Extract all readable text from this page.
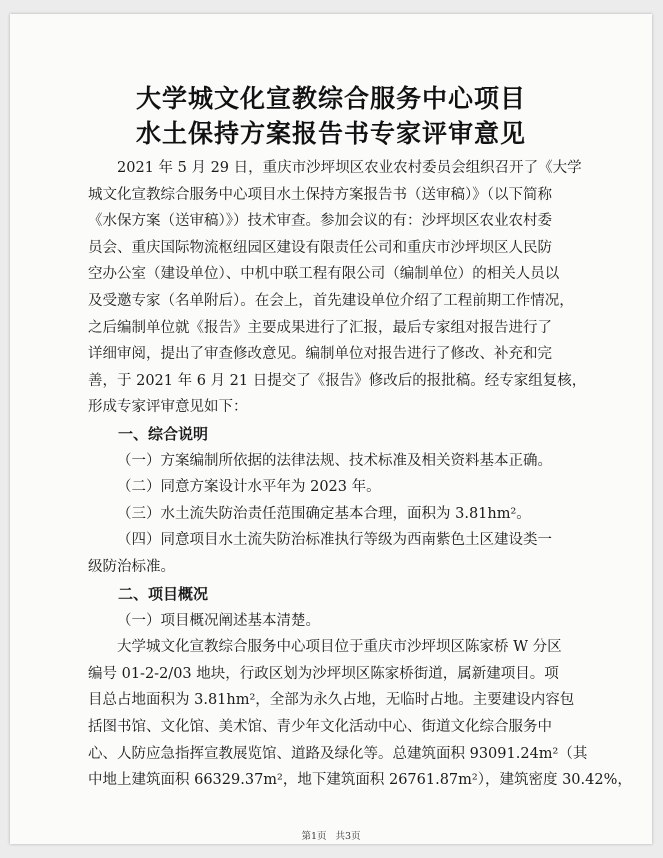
大学城文化宣教综合服务中心项目
水土保持方案报告书专家评审意见
2021 年 5 月 29 日，重庆市沙坪坝区农业农村委员会组织召开了《大学
城文化宣教综合服务中心项目水土保持方案报告书（送审稿）》（以下简称
《水保方案（送审稿）》）技术审查。参加会议的有：沙坪坝区农业农村委
员会、重庆国际物流枢纽园区建设有限责任公司和重庆市沙坪坝区人民防
空办公室（建设单位）、中机中联工程有限公司（编制单位）的相关人员以
及受邀专家（名单附后）。在会上，首先建设单位介绍了工程前期工作情况，
之后编制单位就《报告》主要成果进行了汇报，最后专家组对报告进行了
详细审阅，提出了审查修改意见。编制单位对报告进行了修改、补充和完
善，于 2021 年 6 月 21 日提交了《报告》修改后的报批稿。经专家组复核，
形成专家评审意见如下：
一、综合说明
（一）方案编制所依据的法律法规、技术标准及相关资料基本正确。
（二）同意方案设计水平年为 2023 年。
（三）水土流失防治责任范围确定基本合理，面积为 3.81hm²。
（四）同意项目水土流失防治标准执行等级为西南紫色土区建设类一
级防治标准。
二、项目概况
（一）项目概况阐述基本清楚。
大学城文化宣教综合服务中心项目位于重庆市沙坪坝区陈家桥 W 分区
编号 01-2-2/03 地块，行政区划为沙坪坝区陈家桥街道，属新建项目。项
目总占地面积为 3.81hm²，全部为永久占地，无临时占地。主要建设内容包
括图书馆、文化馆、美术馆、青少年文化活动中心、街道文化综合服务中
心、人防应急指挥宣教展览馆、道路及绿化等。总建筑面积 93091.24m²（其
中地上建筑面积 66329.37m²，地下建筑面积 26761.87m²），建筑密度 30.42%，
第1页 共3页
